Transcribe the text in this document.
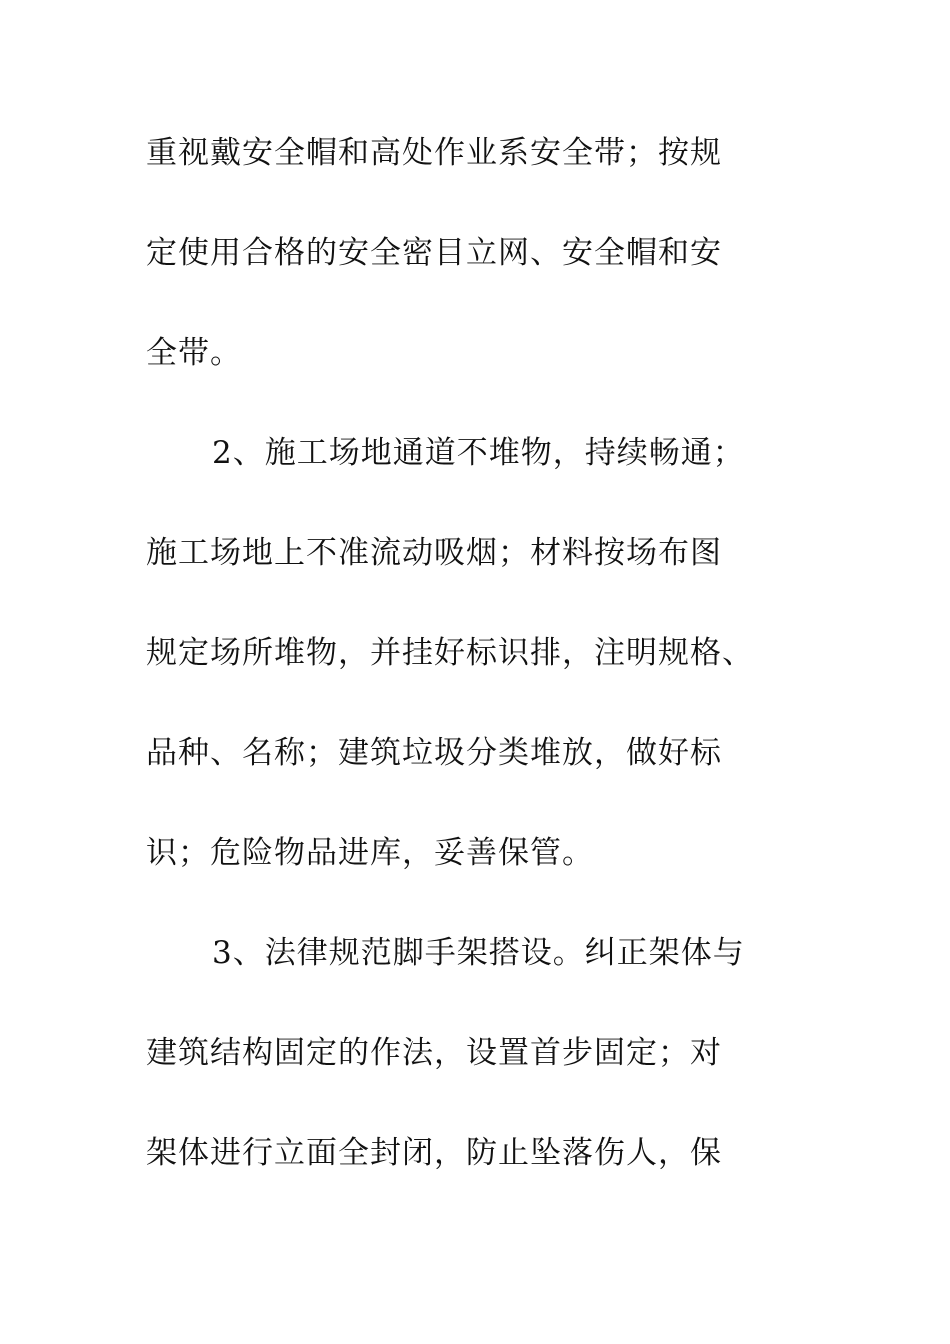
重视戴安全帽和高处作业系安全带；按规
定使用合格的安全密目立网、安全帽和安
全带。
2、施工场地通道不堆物，持续畅通；
施工场地上不准流动吸烟；材料按场布图
规定场所堆物，并挂好标识排，注明规格、
品种、名称；建筑垃圾分类堆放，做好标
识；危险物品进库，妥善保管。
3、法律规范脚手架搭设。纠正架体与
建筑结构固定的作法，设置首步固定；对
架体进行立面全封闭，防止坠落伤人，保
